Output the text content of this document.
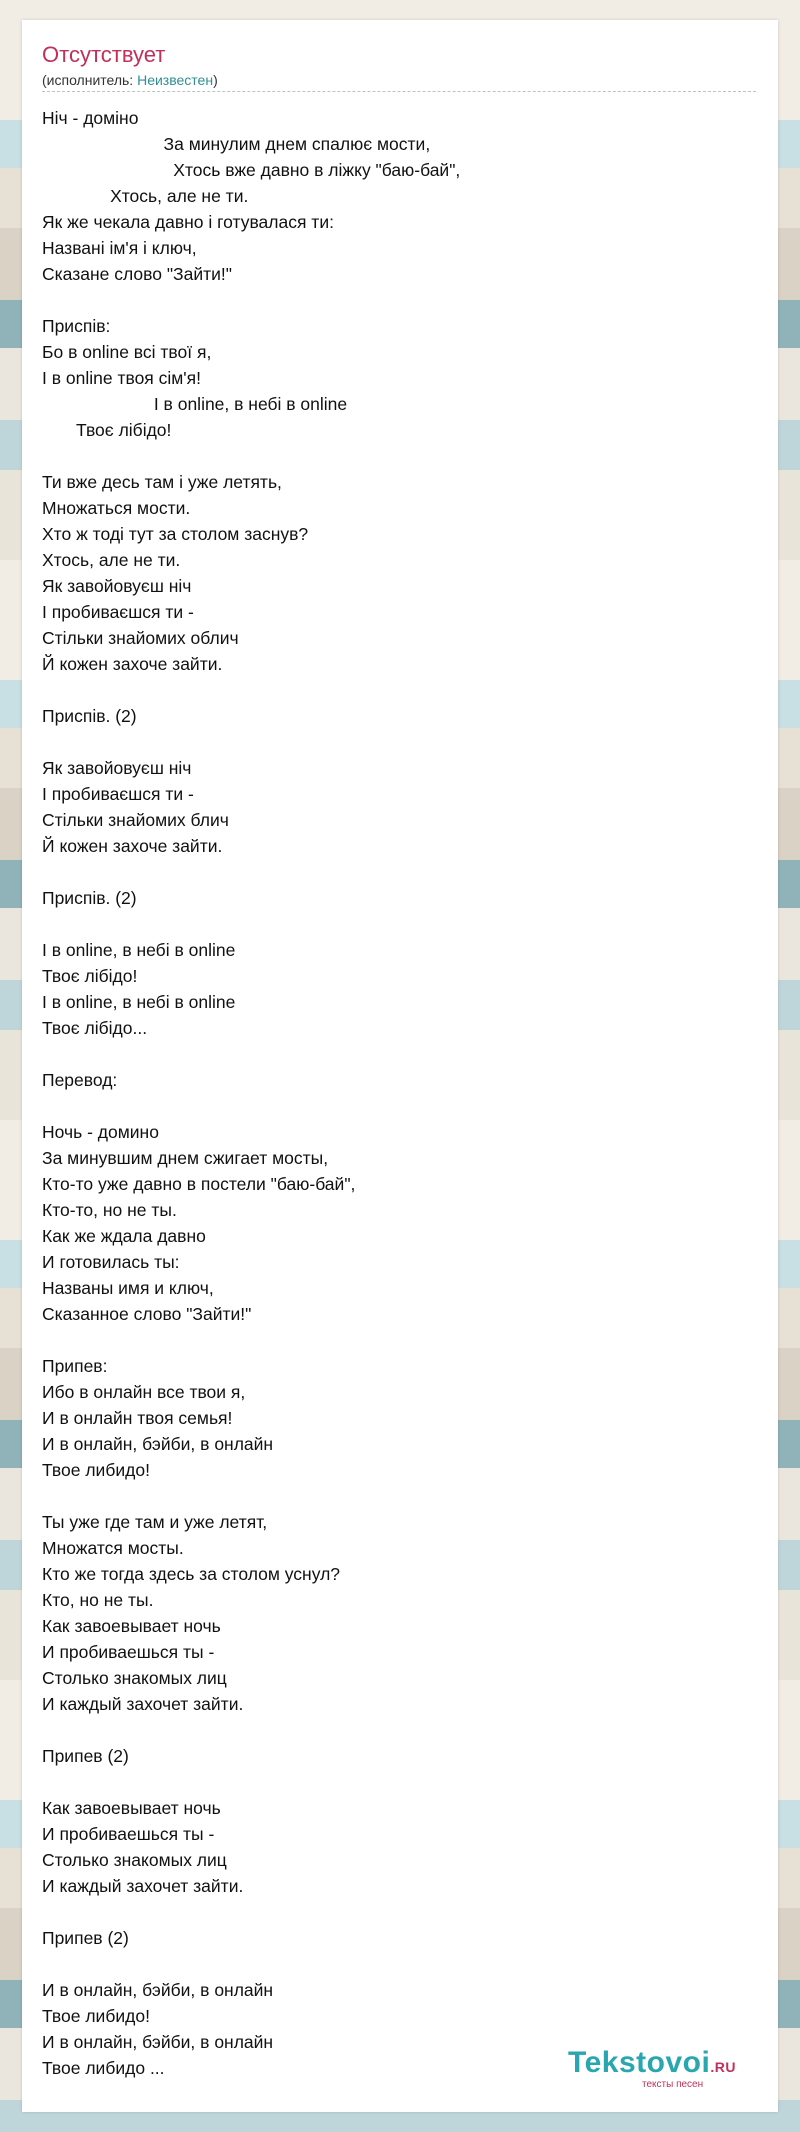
Отсутствует
(исполнитель: Неизвестен)
Ніч - доміно
За минулим днем спалює мости,
Хтось вже давно в ліжку "баю-бай",
Хтось, але не ти.
Як же чекала давно і готувалася ти:
Названі ім'я і ключ,
Сказане слово "Зайти!"
Приспів:
Бо в online всі твої я,
І в online твоя сім'я!
І в online, в небі в online
Твоє лібідо!
Ти вже десь там і уже летять,
Множаться мости.
Хто ж тоді тут за столом заснув?
Хтось, але не ти.
Як завойовуєш ніч
І пробиваєшся ти -
Стільки знайомих облич
Й кожен захоче зайти.
Приспів. (2)
Як завойовуєш ніч
І пробиваєшся ти -
Стільки знайомих блич
Й кожен захоче зайти.
Приспів. (2)
І в online, в небі в online
Твоє лібідо!
І в online, в небі в online
Твоє лібідо...
Перевод:
Ночь - домино
За минувшим днем сжигает мосты,
Кто-то уже давно в постели "баю-бай",
Кто-то, но не ты.
Как же ждала давно
И готовилась ты:
Названы имя и ключ,
Сказанное слово "Зайти!"
Припев:
Ибо в онлайн все твои я,
И в онлайн твоя семья!
И в онлайн, бэйби, в онлайн
Твое либидо!
Ты уже где там и уже летят,
Множатся мосты.
Кто же тогда здесь за столом уснул?
Кто, но не ты.
Как завоевывает ночь
И пробиваешься ты -
Столько знакомых лиц
И каждый захочет зайти.
Припев (2)
Как завоевывает ночь
И пробиваешься ты -
Столько знакомых лиц
И каждый захочет зайти.
Припев (2)
И в онлайн, бэйби, в онлайн
Твое либидо!
И в онлайн, бэйби, в онлайн
Твое либидо ...	Tekstovoi.RU
тексты песен
